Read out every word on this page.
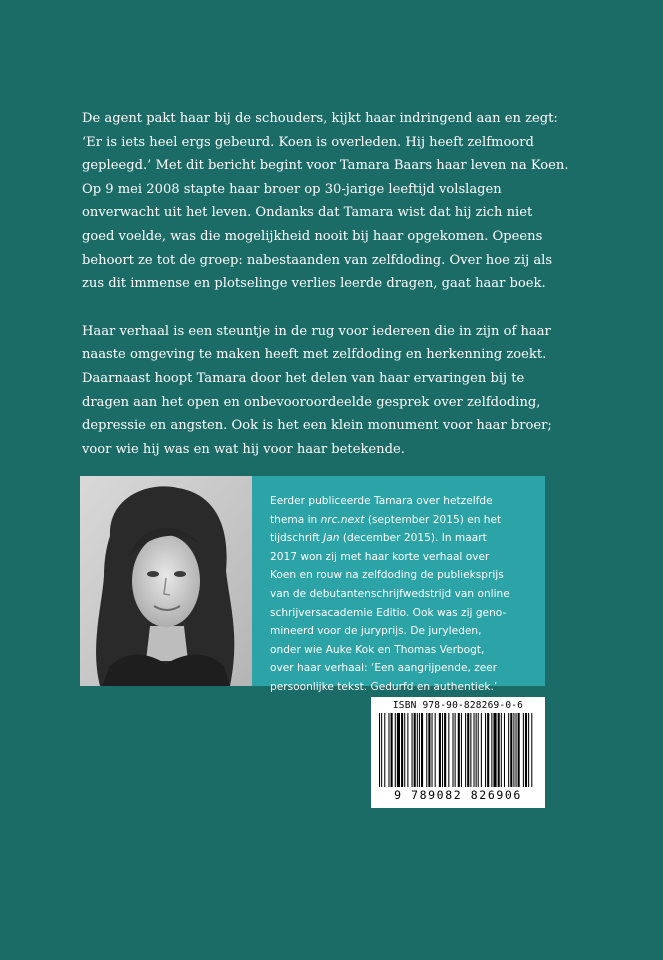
De agent pakt haar bij de schouders, kijkt haar indringend aan en zegt:
‘Er is iets heel ergs gebeurd. Koen is overleden. Hij heeft zelfmoord
gepleegd.’ Met dit bericht begint voor Tamara Baars haar leven na Koen.
Op 9 mei 2008 stapte haar broer op 30-jarige leeftijd volslagen
onverwacht uit het leven. Ondanks dat Tamara wist dat hij zich niet
goed voelde, was die mogelijkheid nooit bij haar opgekomen. Opeens
behoort ze tot de groep: nabestaanden van zelfdoding. Over hoe zij als
zus dit immense en plotselinge verlies leerde dragen, gaat haar boek.
Haar verhaal is een steuntje in de rug voor iedereen die in zijn of haar
naaste omgeving te maken heeft met zelfdoding en herkenning zoekt.
Daarnaast hoopt Tamara door het delen van haar ervaringen bij te
dragen aan het open en onbevooroordeelde gesprek over zelfdoding,
depressie en angsten. Ook is het een klein monument voor haar broer;
voor wie hij was en wat hij voor haar betekende.
Eerder publiceerde Tamara over hetzelfde
thema in nrc.next (september 2015) en het
tijdschrift Jan (december 2015). In maart
2017 won zij met haar korte verhaal over
Koen en rouw na zelfdoding de publieksprijs
van de debutantenschrijfwedstrijd van online
schrijversacademie Editio. Ook was zij geno-
mineerd voor de juryprijs. De juryleden,
onder wie Auke Kok en Thomas Verbogt,
over haar verhaal: ‘Een aangrijpende, zeer
persoonlijke tekst. Gedurfd en authentiek.’
ISBN 978-90-828269-0-6
9 789082 826906
